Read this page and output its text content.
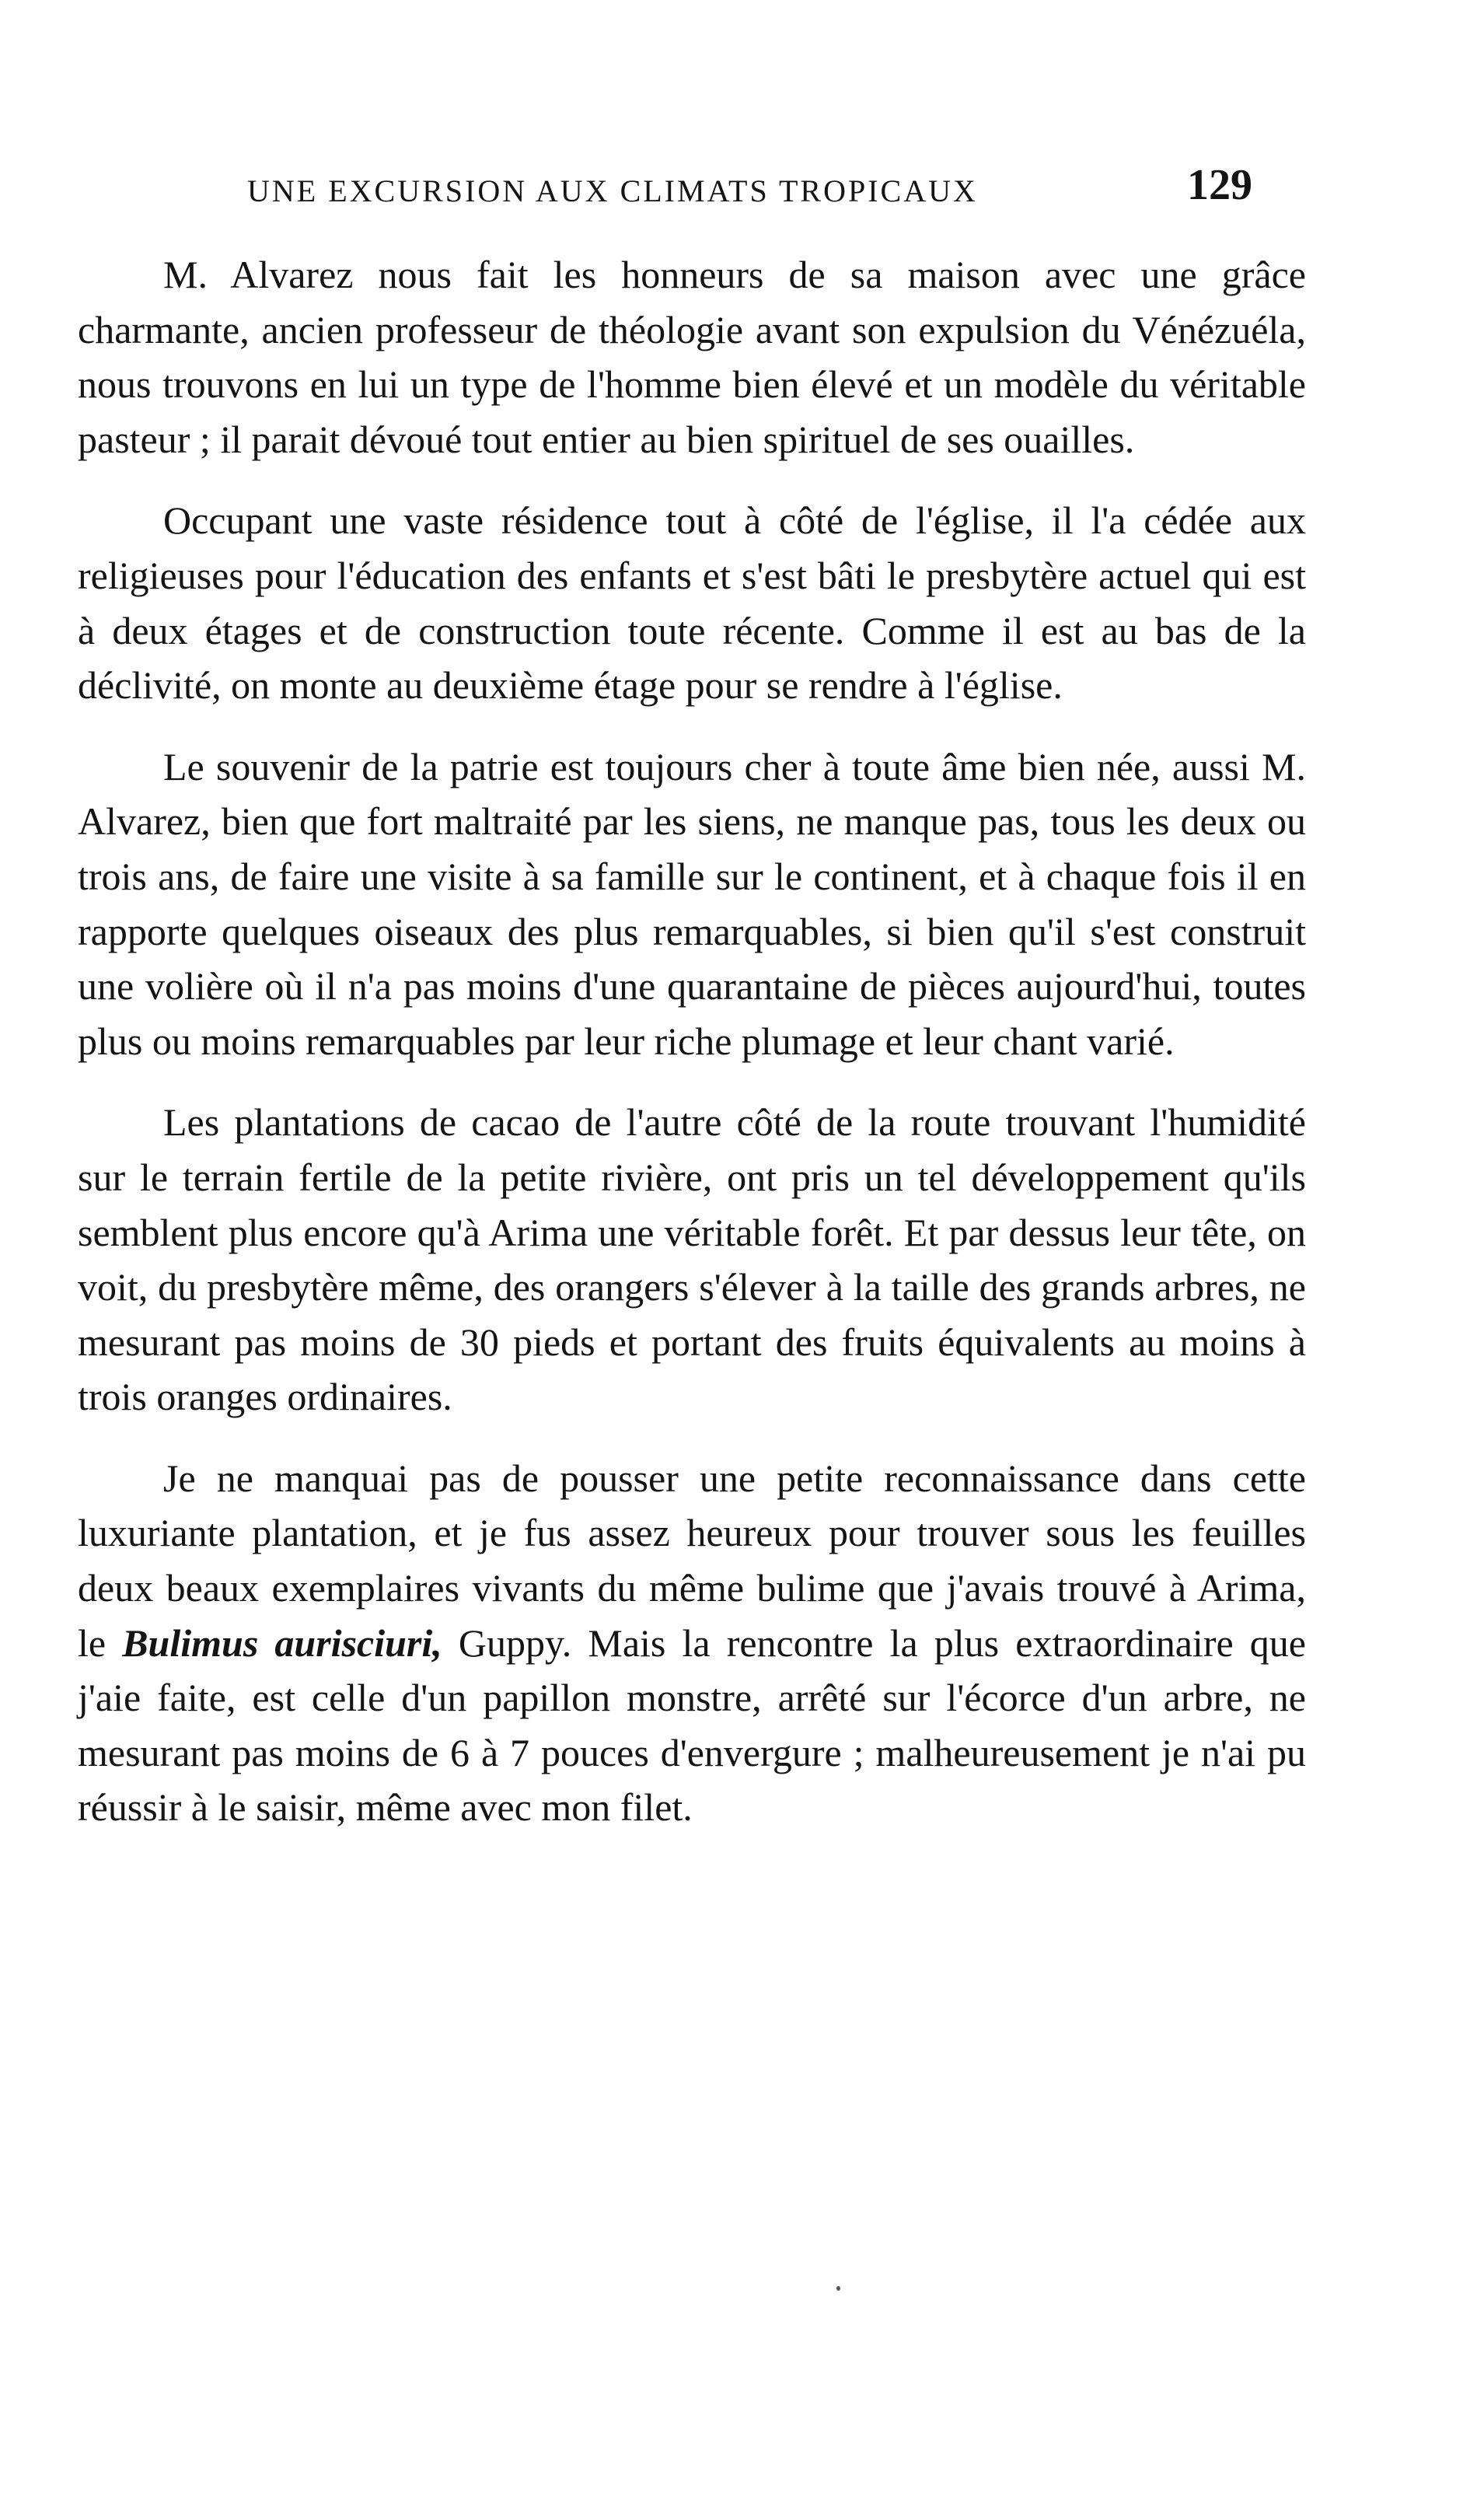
UNE EXCURSION AUX CLIMATS TROPICAUX	129

M. Alvarez nous fait les honneurs de sa maison avec une grâce charmante, ancien professeur de théologie avant son expulsion du Vénézuéla, nous trouvons en lui un type de l'homme bien élevé et un modèle du véritable pasteur ; il parait dévoué tout entier au bien spirituel de ses ouailles.

Occupant une vaste résidence tout à côté de l'église, il l'a cédée aux religieuses pour l'éducation des enfants et s'est bâti le presbytère actuel qui est à deux étages et de construction toute récente. Comme il est au bas de la déclivité, on monte au deuxième étage pour se rendre à l'église.

Le souvenir de la patrie est toujours cher à toute âme bien née, aussi M. Alvarez, bien que fort maltraité par les siens, ne manque pas, tous les deux ou trois ans, de faire une visite à sa famille sur le continent, et à chaque fois il en rapporte quelques oiseaux des plus remarquables, si bien qu'il s'est construit une volière où il n'a pas moins d'une quarantaine de pièces aujourd'hui, toutes plus ou moins remarquables par leur riche plumage et leur chant varié.

Les plantations de cacao de l'autre côté de la route trouvant l'humidité sur le terrain fertile de la petite rivière, ont pris un tel développement qu'ils semblent plus encore qu'à Arima une véritable forêt. Et par dessus leur tête, on voit, du presbytère même, des orangers s'élever à la taille des grands arbres, ne mesurant pas moins de 30 pieds et portant des fruits équivalents au moins à trois oranges ordinaires.

Je ne manquai pas de pousser une petite reconnaissance dans cette luxuriante plantation, et je fus assez heureux pour trouver sous les feuilles deux beaux exemplaires vivants du même bulime que j'avais trouvé à Arima, le Bulimus aurisciuri, Guppy. Mais la rencontre la plus extraordinaire que j'aie faite, est celle d'un papillon monstre, arrêté sur l'écorce d'un arbre, ne mesurant pas moins de 6 à 7 pouces d'envergure ; malheureusement je n'ai pu réussir à le saisir, même avec mon filet.
